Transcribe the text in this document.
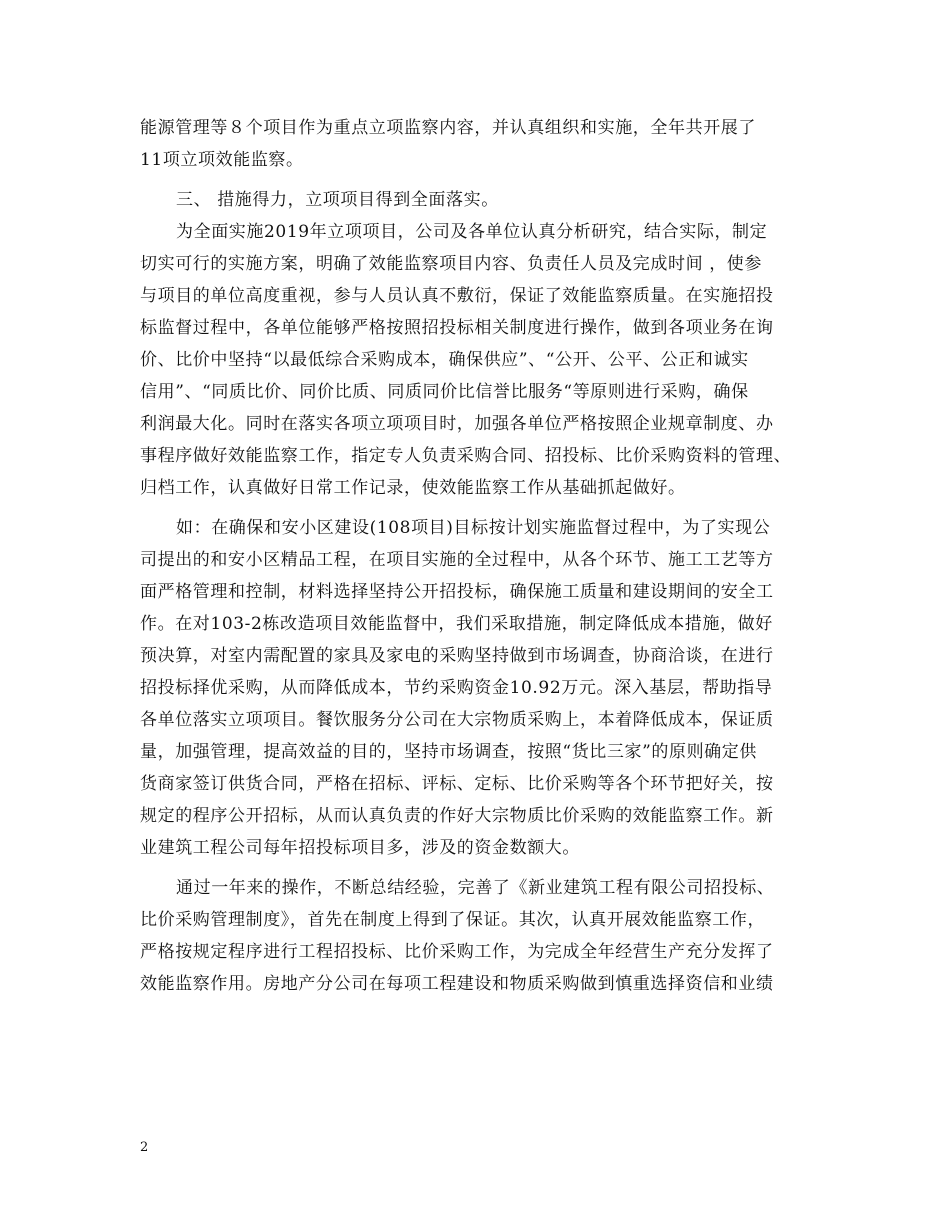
能源管理等８个项目作为重点立项监察内容，并认真组织和实施，全年共开展了
11项立项效能监察。
三、 措施得力，立项项目得到全面落实。
为全面实施2019年立项项目，公司及各单位认真分析研究，结合实际，制定
切实可行的实施方案，明确了效能监察项目内容、负责任人员及完成时间 ，使参
与项目的单位高度重视，参与人员认真不敷衍，保证了效能监察质量。在实施招投
标监督过程中，各单位能够严格按照招投标相关制度进行操作，做到各项业务在询
价、比价中坚持“以最低综合采购成本，确保供应”、“公开、公平、公正和诚实
信用”、“同质比价、同价比质、同质同价比信誉比服务“等原则进行采购，确保
利润最大化。同时在落实各项立项项目时，加强各单位严格按照企业规章制度、办
事程序做好效能监察工作，指定专人负责采购合同、招投标、比价采购资料的管理、
归档工作，认真做好日常工作记录，使效能监察工作从基础抓起做好。
如：在确保和安小区建设(108项目)目标按计划实施监督过程中，为了实现公
司提出的和安小区精品工程，在项目实施的全过程中，从各个环节、施工工艺等方
面严格管理和控制，材料选择坚持公开招投标，确保施工质量和建设期间的安全工
作。在对103-2栋改造项目效能监督中，我们采取措施，制定降低成本措施，做好
预决算，对室内需配置的家具及家电的采购坚持做到市场调查，协商洽谈，在进行
招投标择优采购，从而降低成本，节约采购资金10.92万元。深入基层，帮助指导
各单位落实立项项目。餐饮服务分公司在大宗物质采购上，本着降低成本，保证质
量，加强管理，提高效益的目的，坚持市场调查，按照“货比三家”的原则确定供
货商家签订供货合同，严格在招标、评标、定标、比价采购等各个环节把好关，按
规定的程序公开招标，从而认真负责的作好大宗物质比价采购的效能监察工作。新
业建筑工程公司每年招投标项目多，涉及的资金数额大。
通过一年来的操作，不断总结经验，完善了《新业建筑工程有限公司招投标、
比价采购管理制度》，首先在制度上得到了保证。其次，认真开展效能监察工作，
严格按规定程序进行工程招投标、比价采购工作，为完成全年经营生产充分发挥了
效能监察作用。房地产分公司在每项工程建设和物质采购做到慎重选择资信和业绩
2
